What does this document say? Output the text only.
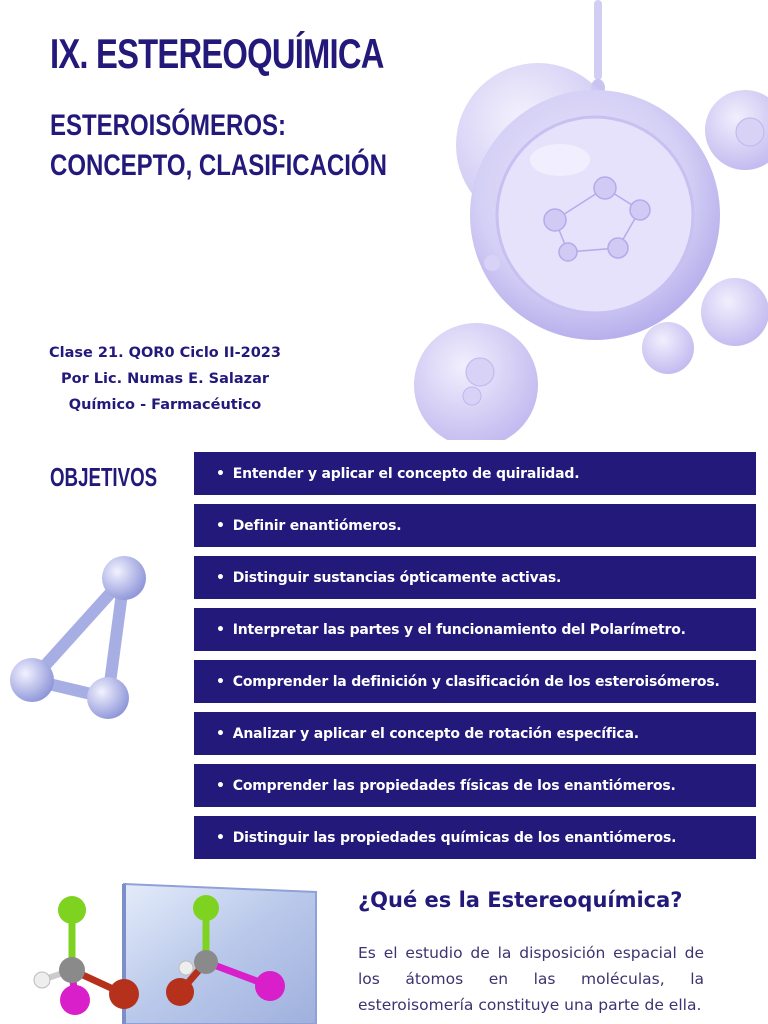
IX. ESTEREOQUÍMICA
ESTEROISÓMEROS:
CONCEPTO, CLASIFICACIÓN
Clase 21. QOR0 Ciclo II-2023
Por Lic. Numas E. Salazar
Químico - Farmacéutico
OBJETIVOS	• Entender y aplicar el concepto de quiralidad.
• Definir enantiómeros.
• Distinguir sustancias ópticamente activas.
• Interpretar las partes y el funcionamiento del Polarímetro.
• Comprender la definición y clasificación de los esteroisómeros.
• Analizar y aplicar el concepto de rotación específica.
• Comprender las propiedades físicas de los enantiómeros.
• Distinguir las propiedades químicas de los enantiómeros.
¿Qué es la Estereoquímica?

Es el estudio de la disposición espacial de los átomos en las moléculas, la esteroisomería constituye una parte de ella.
